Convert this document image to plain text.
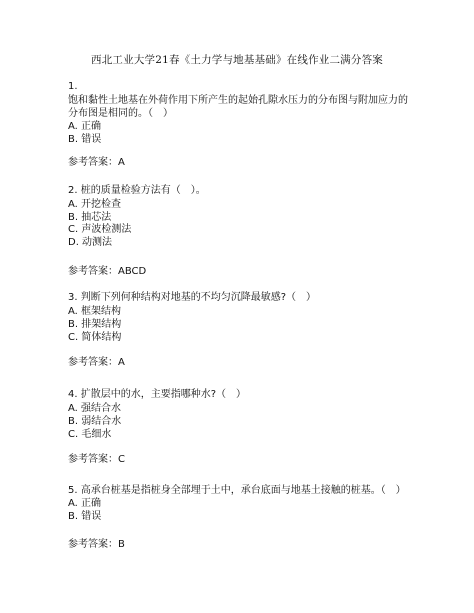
西北工业大学21春《土力学与地基基础》在线作业二满分答案
1.
饱和黏性土地基在外荷作用下所产生的起始孔隙水压力的分布图与附加应力的分布图是相同的。（　）
A. 正确
B. 错误
参考答案：A
2. 桩的质量检验方法有（　）。
A. 开挖检查
B. 抽芯法
C. 声波检测法
D. 动测法
参考答案：ABCD
3. 判断下列何种结构对地基的不均匀沉降最敏感?（　）
A. 框架结构
B. 排架结构
C. 简体结构
参考答案：A
4. 扩散层中的水，主要指哪种水?（　）
A. 强结合水
B. 弱结合水
C. 毛细水
参考答案：C
5. 高承台桩基是指桩身全部埋于土中，承台底面与地基土接触的桩基。（　）
A. 正确
B. 错误
参考答案：B
